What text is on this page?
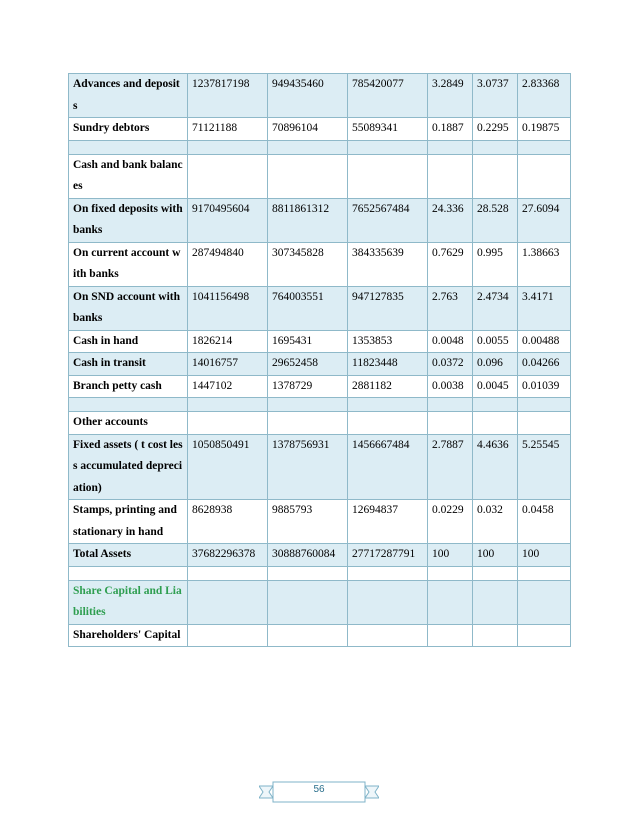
Advances and deposits	1237817198	949435460	785420077	3.2849	3.0737	2.83368
Sundry debtors	71121188	70896104	55089341	0.1887	0.2295	0.19875

Cash and bank balances						
On fixed deposits with banks	9170495604	8811861312	7652567484	24.336	28.528	27.6094
On current account with banks	287494840	307345828	384335639	0.7629	0.995	1.38663
On SND account with banks	1041156498	764003551	947127835	2.763	2.4734	3.4171
Cash in hand	1826214	1695431	1353853	0.0048	0.0055	0.00488
Cash in transit	14016757	29652458	11823448	0.0372	0.096	0.04266
Branch petty cash	1447102	1378729	2881182	0.0038	0.0045	0.01039

Other accounts						
Fixed assets ( t cost less accumulated depreciation)	1050850491	1378756931	1456667484	2.7887	4.4636	5.25545
Stamps, printing and stationary in hand	8628938	9885793	12694837	0.0229	0.032	0.0458
Total Assets	37682296378	30888760084	27717287791	100	100	100

Share Capital and Liabilities						
Shareholders' Capital						
56
